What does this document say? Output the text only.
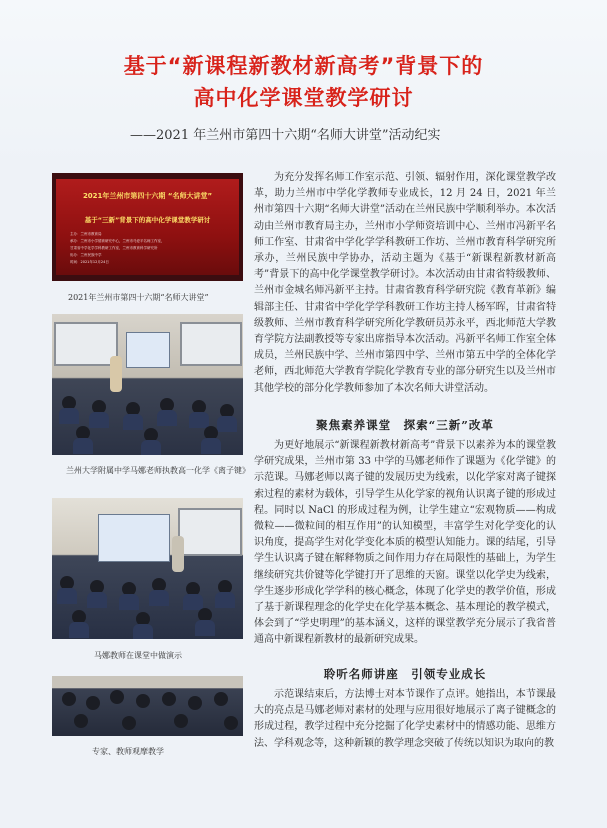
基于“新课程新教材新高考”背景下的
高中化学课堂教学研讨
——2021 年兰州市第四十六期“名师大讲堂”活动纪实
2021年兰州市第四十六期 “名师大讲堂”
基于“三新”背景下的高中化学课堂教学研讨
主办：兰州市教育局
承办：兰州市小学德育研究中心，兰州市马爱平名师工作室，
甘肃省中学化学学科教研工作室，兰州市教育科学研究所
协办：兰州民族中学
时间：2021年12月24日
2021年兰州市第四十六期“名师大讲堂”
兰州大学附属中学马娜老师执教高一化学《离子键》
马娜教师在课堂中做演示
专家、教师观摩教学

为充分发挥名师工作室示范、引领、辐射作用，深化课堂教学改革，助力兰州市中学化学教师专业成长，12 月 24 日，2021 年兰州市第四十六期“名师大讲堂”活动在兰州民族中学顺利举办。本次活动由兰州市教育局主办，兰州市小学师资培训中心、兰州市冯新平名师工作室、甘肃省中学化学学科教研工作坊、兰州市教育科学研究所承办，兰州民族中学协办，活动主题为《基于“新课程新教材新高考”背景下的高中化学课堂教学研讨》。本次活动由甘肃省特级教师、兰州市金城名师冯新平主持。甘肃省教育科学研究院《教育革新》编辑部主任、甘肃省中学化学学科教研工作坊主持人杨军晖，甘肃省特级教师、兰州市教育科学研究所化学教研员苏永平，西北师范大学教育学院方法副教授等专家出席指导本次活动。冯新平名师工作室全体成员，兰州民族中学、兰州市第四中学、兰州市第五中学的全体化学老师，西北师范大学教育学院化学教育专业的部分研究生以及兰州市其他学校的部分化学教师参加了本次名师大讲堂活动。

聚焦素养课堂　探索“三新”改革

为更好地展示“新课程新教材新高考”背景下以素养为本的课堂教学研究成果，兰州市第 33 中学的马娜老师作了课题为《化学键》的示范课。马娜老师以离子键的发展历史为线索，以化学家对离子键探索过程的素材为载体，引导学生从化学家的视角认识离子键的形成过程。同时以 NaCl 的形成过程为例，让学生建立“宏观物质——构成微粒——微粒间的相互作用”的认知模型，丰富学生对化学变化的认识角度，提高学生对化学变化本质的模型认知能力。课的结尾，引导学生认识离子键在解释物质之间作用力存在局限性的基础上，为学生继续研究共价键等化学键打开了思维的天窗。课堂以化学史为线索，学生逐步形成化学学科的核心概念，体现了化学史的教学价值，形成了基于新课程理念的化学史在化学基本概念、基本理论的教学模式，体会到了“学史明理”的基本涵义，这样的课堂教学充分展示了我省普通高中新课程新教材的最新研究成果。

聆听名师讲座　引领专业成长

示范课结束后，方法博士对本节课作了点评。她指出，本节课最大的亮点是马娜老师对素材的处理与应用很好地展示了离子键概念的形成过程，教学过程中充分挖掘了化学史素材中的情感功能、思维方法、学科观念等，这种新颖的教学理念突破了传统以知识为取向的教
